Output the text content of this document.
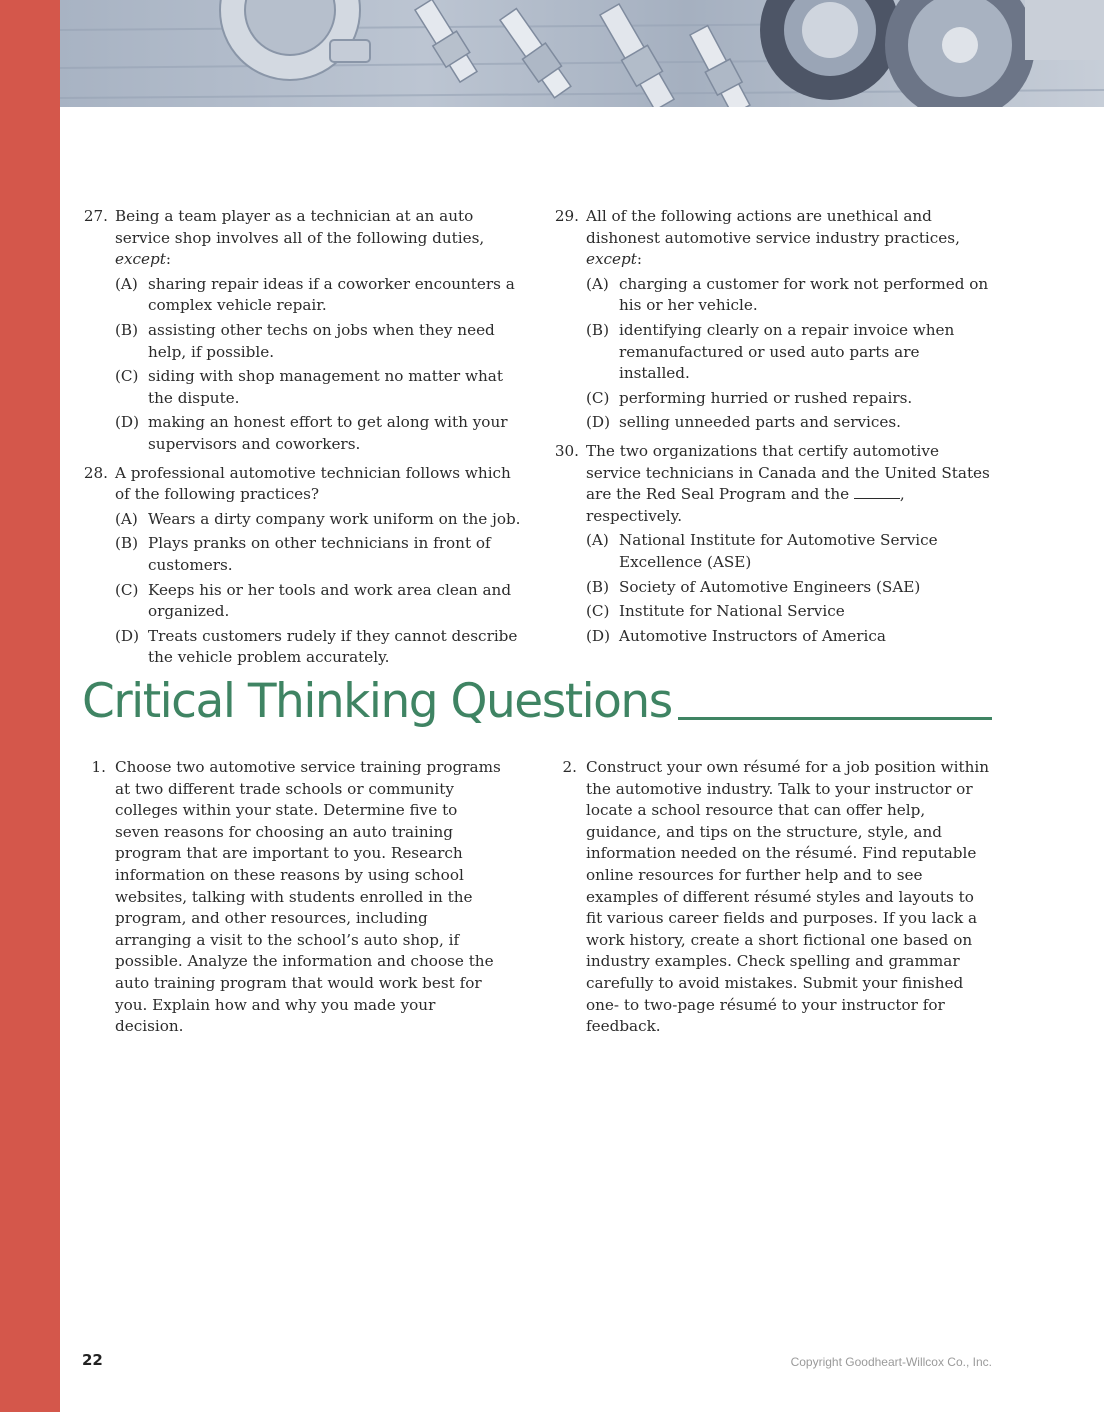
27. Being a team player as a technician at an auto service shop involves all of the following duties, except:
(A) sharing repair ideas if a coworker encounters a complex vehicle repair.
(B) assisting other techs on jobs when they need help, if possible.
(C) siding with shop management no matter what the dispute.
(D) making an honest effort to get along with your supervisors and coworkers.
28. A professional automotive technician follows which of the following practices?
(A) Wears a dirty company work uniform on the job.
(B) Plays pranks on other technicians in front of customers.
(C) Keeps his or her tools and work area clean and organized.
(D) Treats customers rudely if they cannot describe the vehicle problem accurately.
29. All of the following actions are unethical and dishonest automotive service industry practices, except:
(A) charging a customer for work not performed on his or her vehicle.
(B) identifying clearly on a repair invoice when remanufactured or used auto parts are installed.
(C) performing hurried or rushed repairs.
(D) selling unneeded parts and services.
30. The two organizations that certify automotive service technicians in Canada and the United States are the Red Seal Program and the	, respectively.
(A) National Institute for Automotive Service Excellence (ASE)
(B) Society of Automotive Engineers (SAE)
(C) Institute for National Service
(D) Automotive Instructors of America
Critical Thinking Questions
1. Choose two automotive service training programs at two different trade schools or community colleges within your state. Determine five to seven reasons for choosing an auto training program that are important to you. Research information on these reasons by using school websites, talking with students enrolled in the program, and other resources, including arranging a visit to the school’s auto shop, if possible. Analyze the information and choose the auto training program that would work best for you. Explain how and why you made your decision.
2. Construct your own résumé for a job position within the automotive industry. Talk to your instructor or locate a school resource that can offer help, guidance, and tips on the structure, style, and information needed on the résumé. Find reputable online resources for further help and to see examples of different résumé styles and layouts to fit various career fields and purposes. If you lack a work history, create a short fictional one based on industry examples. Check spelling and grammar carefully to avoid mistakes. Submit your finished one- to two-page résumé to your instructor for feedback.
22	Copyright Goodheart-Willcox Co., Inc.
